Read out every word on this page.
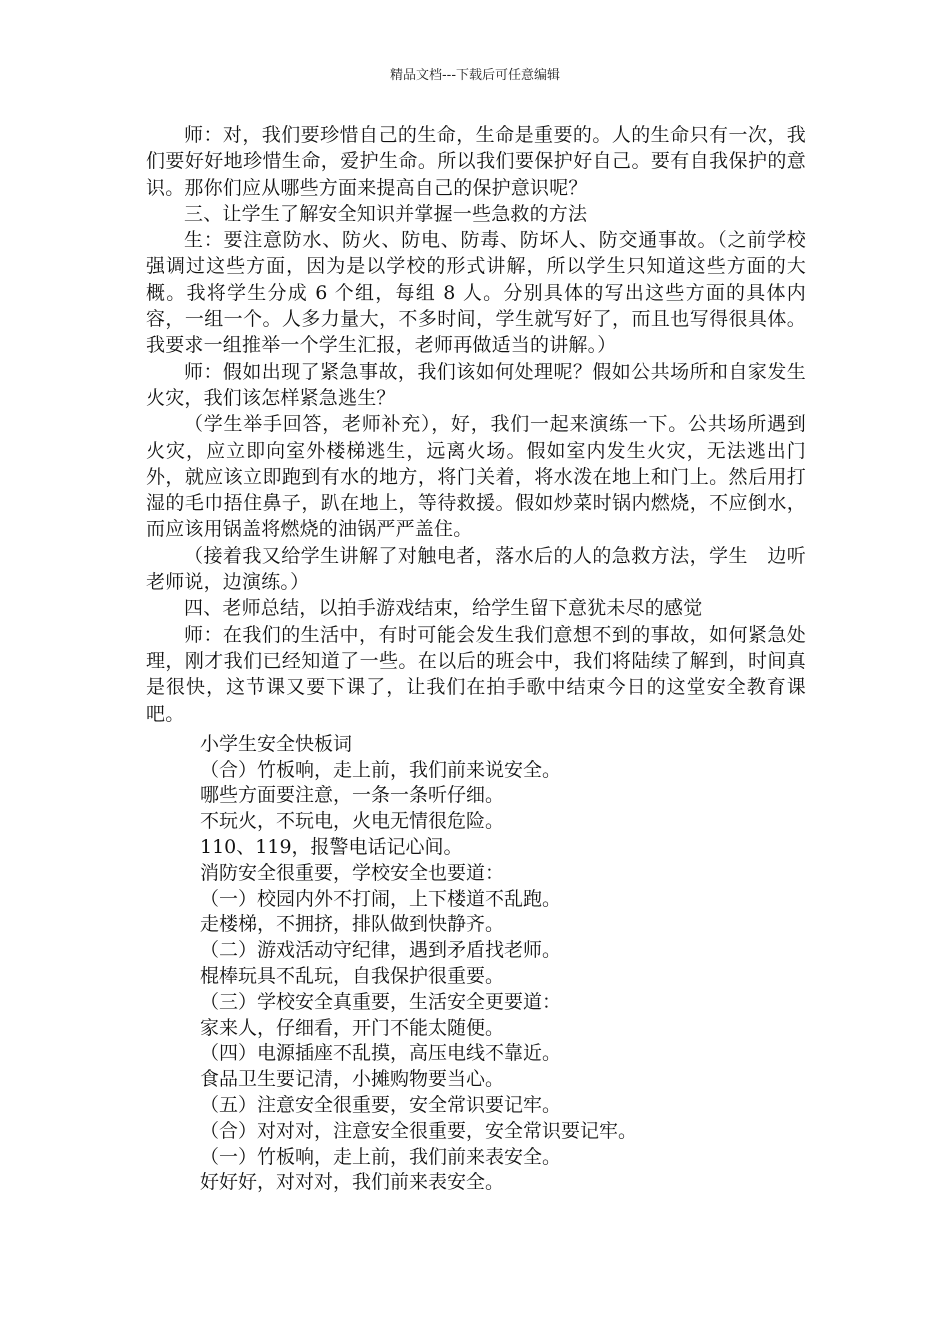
精品文档---下载后可任意编辑

师：对，我们要珍惜自己的生命，生命是重要的。人的生命只有一次，我们要好好地珍惜生命，爱护生命。所以我们要保护好自己。要有自我保护的意识。那你们应从哪些方面来提高自己的保护意识呢？

三、让学生了解安全知识并掌握一些急救的方法

生：要注意防水、防火、防电、防毒、防坏人、防交通事故。（之前学校强调过这些方面，因为是以学校的形式讲解，所以学生只知道这些方面的大概。我将学生分成 6 个组，每组 8 人。分别具体的写出这些方面的具体内容，一组一个。人多力量大，不多时间，学生就写好了，而且也写得很具体。我要求一组推举一个学生汇报，老师再做适当的讲解。）

师：假如出现了紧急事故，我们该如何处理呢？假如公共场所和自家发生火灾，我们该怎样紧急逃生？

（学生举手回答，老师补充），好，我们一起来演练一下。公共场所遇到火灾，应立即向室外楼梯逃生，远离火场。假如室内发生火灾，无法逃出门外，就应该立即跑到有水的地方，将门关着，将水泼在地上和门上。然后用打湿的毛巾捂住鼻子，趴在地上，等待救援。假如炒菜时锅内燃烧，不应倒水，而应该用锅盖将燃烧的油锅严严盖住。

（接着我又给学生讲解了对触电者，落水后的人的急救方法，学生　边听　老师说，边演练。）

四、老师总结，以拍手游戏结束，给学生留下意犹未尽的感觉

师：在我们的生活中，有时可能会发生我们意想不到的事故，如何紧急处理，刚才我们已经知道了一些。在以后的班会中，我们将陆续了解到，时间真是很快，这节课又要下课了，让我们在拍手歌中结束今日的这堂安全教育课吧。

小学生安全快板词

（合）竹板响，走上前，我们前来说安全。

哪些方面要注意，一条一条听仔细。

不玩火，不玩电，火电无情很危险。

110、119，报警电话记心间。

消防安全很重要，学校安全也要道：

（一）校园内外不打闹，上下楼道不乱跑。

走楼梯，不拥挤，排队做到快静齐。

（二）游戏活动守纪律，遇到矛盾找老师。

棍棒玩具不乱玩，自我保护很重要。

（三）学校安全真重要，生活安全更要道：

家来人，仔细看，开门不能太随便。

（四）电源插座不乱摸，高压电线不靠近。

食品卫生要记清，小摊购物要当心。

（五）注意安全很重要，安全常识要记牢。

（合）对对对，注意安全很重要，安全常识要记牢。

（一）竹板响，走上前，我们前来表安全。

好好好，对对对，我们前来表安全。
